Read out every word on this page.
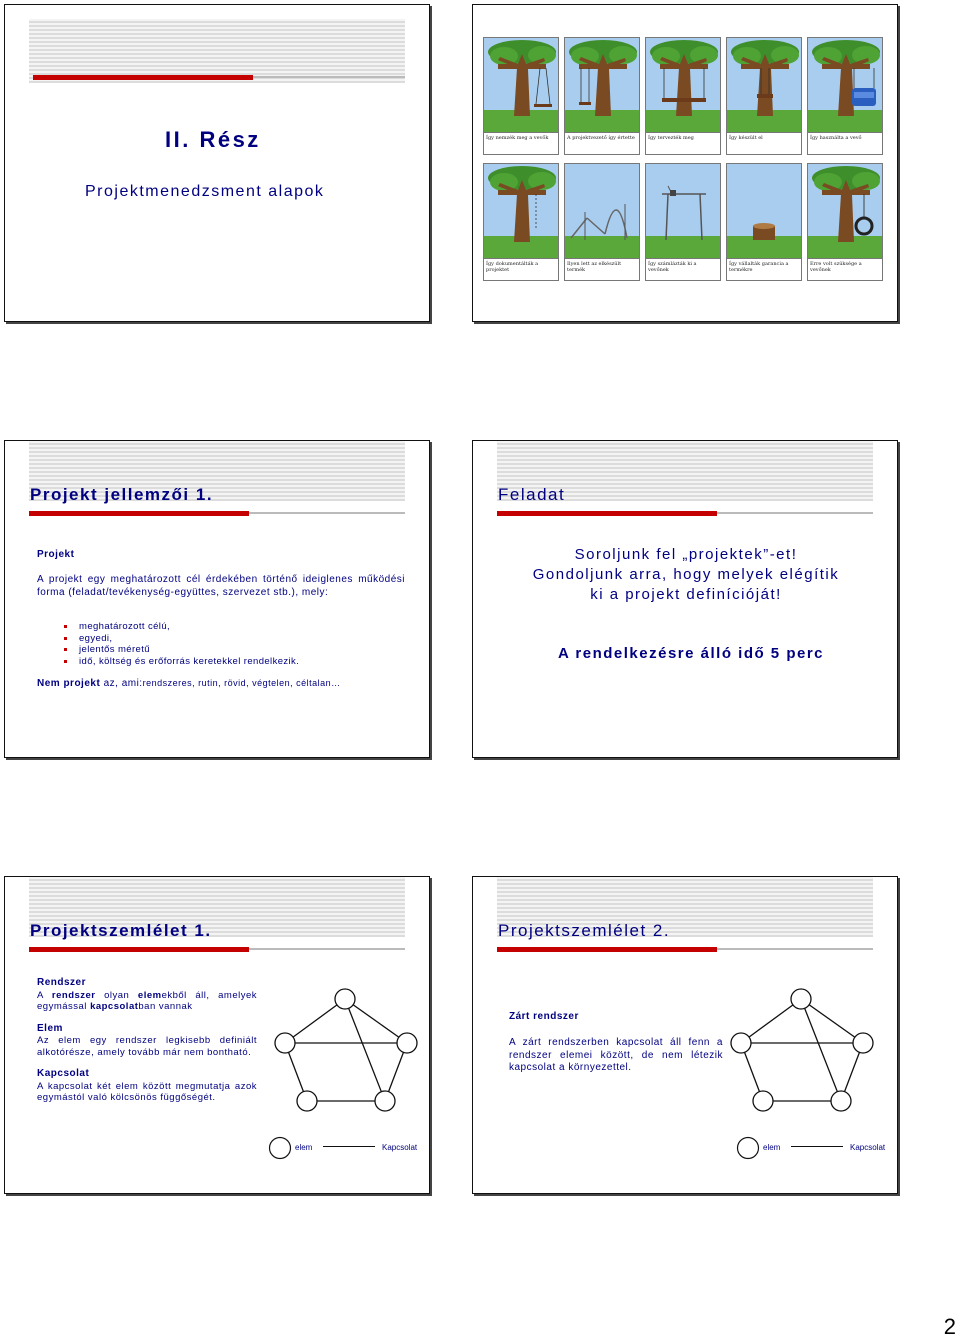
II. Rész
Projektmenedzsment alapok
Így nemzék meg a vevők	A projektvezető így értette	Így tervezték meg	Így készült el	Így használta a vevő
Így dokumentálták a projektet
Ilyen lett az elkészült termék
Így számlázták ki a vevőnek
Így vállalták garancia a termékre
Erre volt szüksége a vevőnek
Projekt jellemzői 1.
Projekt
A projekt egy meghatározott cél érdekében történő ideiglenes működési forma (feladat/tevékenység-együttes, szervezet stb.), mely:
meghatározott célú,
egyedi,
jelentős méretű
idő, költség és erőforrás keretekkel rendelkezik.
Nem projekt az, ami:rendszeres, rutin, rövid, végtelen, céltalan…
Feladat
Soroljunk fel „projektek”-et!
Gondoljunk arra, hogy melyek elégítik
ki a projekt definícióját!
A rendelkezésre álló idő 5 perc
Projektszemlélet 1.
Rendszer
A rendszer olyan elemekből áll, amelyek egymással kapcsolatban vannak
Elem
Az elem egy rendszer legkisebb definiált alkotórésze, amely tovább már nem bontható.
Kapcsolat
A kapcsolat két elem között megmutatja azok egymástól való kölcsönös függőségét.
elem	Kapcsolat
Projektszemlélet 2.
Zárt rendszer
A zárt rendszerben kapcsolat áll fenn a rendszer elemei között, de nem létezik kapcsolat a környezettel.
elem	Kapcsolat
2
